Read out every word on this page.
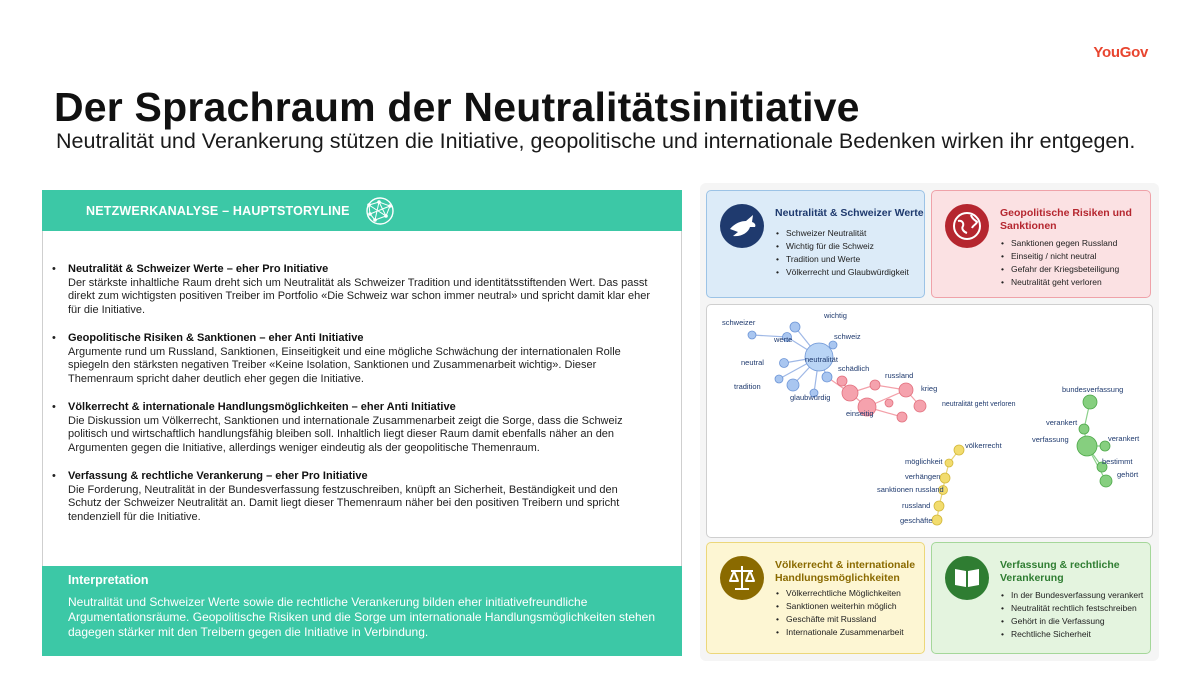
YouGov
Der Sprachraum der Neutralitätsinitiative
Neutralität und Verankerung stützen die Initiative, geopolitische und internationale Bedenken wirken ihr entgegen.
NETZWERKANALYSE – HAUPTSTORYLINE
• Neutralität & Schweizer Werte – eher Pro Initiative
Der stärkste inhaltliche Raum dreht sich um Neutralität als Schweizer Tradition und identitätsstiftenden Wert. Das passt direkt zum wichtigsten positiven Treiber im Portfolio «Die Schweiz war schon immer neutral» und spricht damit klar eher für die Initiative.
• Geopolitische Risiken & Sanktionen – eher Anti Initiative
Argumente rund um Russland, Sanktionen, Einseitigkeit und eine mögliche Schwächung der internationalen Rolle spiegeln den stärksten negativen Treiber «Keine Isolation, Sanktionen und Zusammenarbeit wichtig». Dieser Themenraum spricht daher deutlich eher gegen die Initiative.
• Völkerrecht & internationale Handlungsmöglichkeiten – eher Anti Initiative
Die Diskussion um Völkerrecht, Sanktionen und internationale Zusammenarbeit zeigt die Sorge, dass die Schweiz politisch und wirtschaftlich handlungsfähig bleiben soll. Inhaltlich liegt dieser Raum damit ebenfalls näher an den Argumenten gegen die Initiative, allerdings weniger eindeutig als der geopolitische Themenraum.
• Verfassung & rechtliche Verankerung – eher Pro Initiative
Die Forderung, Neutralität in der Bundesverfassung festzuschreiben, knüpft an Sicherheit, Beständigkeit und den Schutz der Schweizer Neutralität an. Damit liegt dieser Themenraum näher bei den positiven Treibern und spricht tendenziell für die Initiative.
Interpretation
Neutralität und Schweizer Werte sowie die rechtliche Verankerung bilden eher initiativefreundliche Argumentationsräume. Geopolitische Risiken und die Sorge um internationale Handlungsmöglichkeiten stehen dagegen stärker mit den Treibern gegen die Initiative in Verbindung.
Neutralität & Schweizer Werte
• Schweizer Neutralität
• Wichtig für die Schweiz
• Tradition und Werte
• Völkerrecht und Glaubwürdigkeit
Geopolitische Risiken und Sanktionen
• Sanktionen gegen Russland
• Einseitig / nicht neutral
• Gefahr der Kriegsbeteiligung
• Neutralität geht verloren
schweizer
werte
wichtig
schweiz
neutral	neutralität
tradition
glaubwürdig
schädlich
russland
krieg
einseitig
neutralität geht verloren
völkerrecht
möglichkeit
verhängen
sanktionen russland
russland
geschäfte
bundesverfassung
verankert
verfassung	verankert
bestimmt
gehört
Völkerrecht & internationale Handlungsmöglichkeiten
• Völkerrechtliche Möglichkeiten
• Sanktionen weiterhin möglich
• Geschäfte mit Russland
• Internationale Zusammenarbeit
Verfassung & rechtliche Verankerung
• In der Bundesverfassung verankert
• Neutralität rechtlich festschreiben
• Gehört in die Verfassung
• Rechtliche Sicherheit
